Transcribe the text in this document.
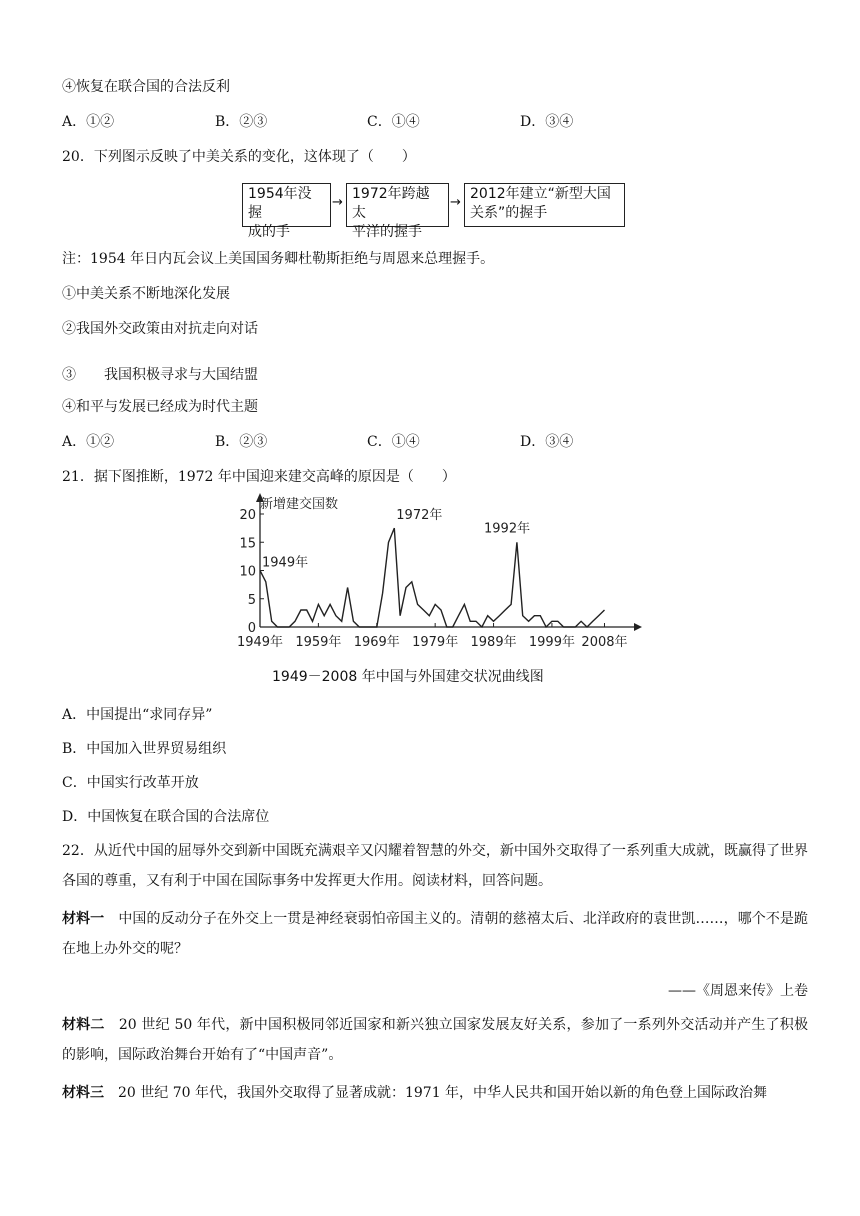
④恢复在联合国的合法反利
A．①②	B．②③	C．①④	D．③④
20．下列图示反映了中美关系的变化，这体现了（　　）
1954年没握
成的手
→
1972年跨越太
平洋的握手
→
2012年建立“新型大国
关系”的握手
注：1954 年日内瓦会议上美国国务卿杜勒斯拒绝与周恩来总理握手。
①中美关系不断地深化发展
②我国外交政策由对抗走向对话
③　　我国积极寻求与大国结盟
④和平与发展已经成为时代主题
A．①②	B．②③	C．①④	D．③④
21．据下图推断，1972 年中国迎来建交高峰的原因是（　　）
0
5
10
15
20
1949年 1959年 1969年 1979年 1989年 1999年 2008年
1949年
1972年
1992年
新增建交国数
1949－2008 年中国与外国建交状况曲线图
A．中国提出“求同存异”
B．中国加入世界贸易组织
C．中国实行改革开放
D．中国恢复在联合国的合法席位
22．从近代中国的屈辱外交到新中国既充满艰辛又闪耀着智慧的外交，新中国外交取得了一系列重大成就，既赢得了世界各国的尊重，又有利于中国在国际事务中发挥更大作用。阅读材料，回答问题。
材料一　中国的反动分子在外交上一贯是神经衰弱怕帝国主义的。清朝的慈禧太后、北洋政府的袁世凯……，哪个不是跪在地上办外交的呢？
——《周恩来传》上卷
材料二　20 世纪 50 年代，新中国积极同邻近国家和新兴独立国家发展友好关系，参加了一系列外交活动并产生了积极的影响，国际政治舞台开始有了“中国声音”。
材料三　20 世纪 70 年代，我国外交取得了显著成就：1971 年，中华人民共和国开始以新的角色登上国际政治舞
